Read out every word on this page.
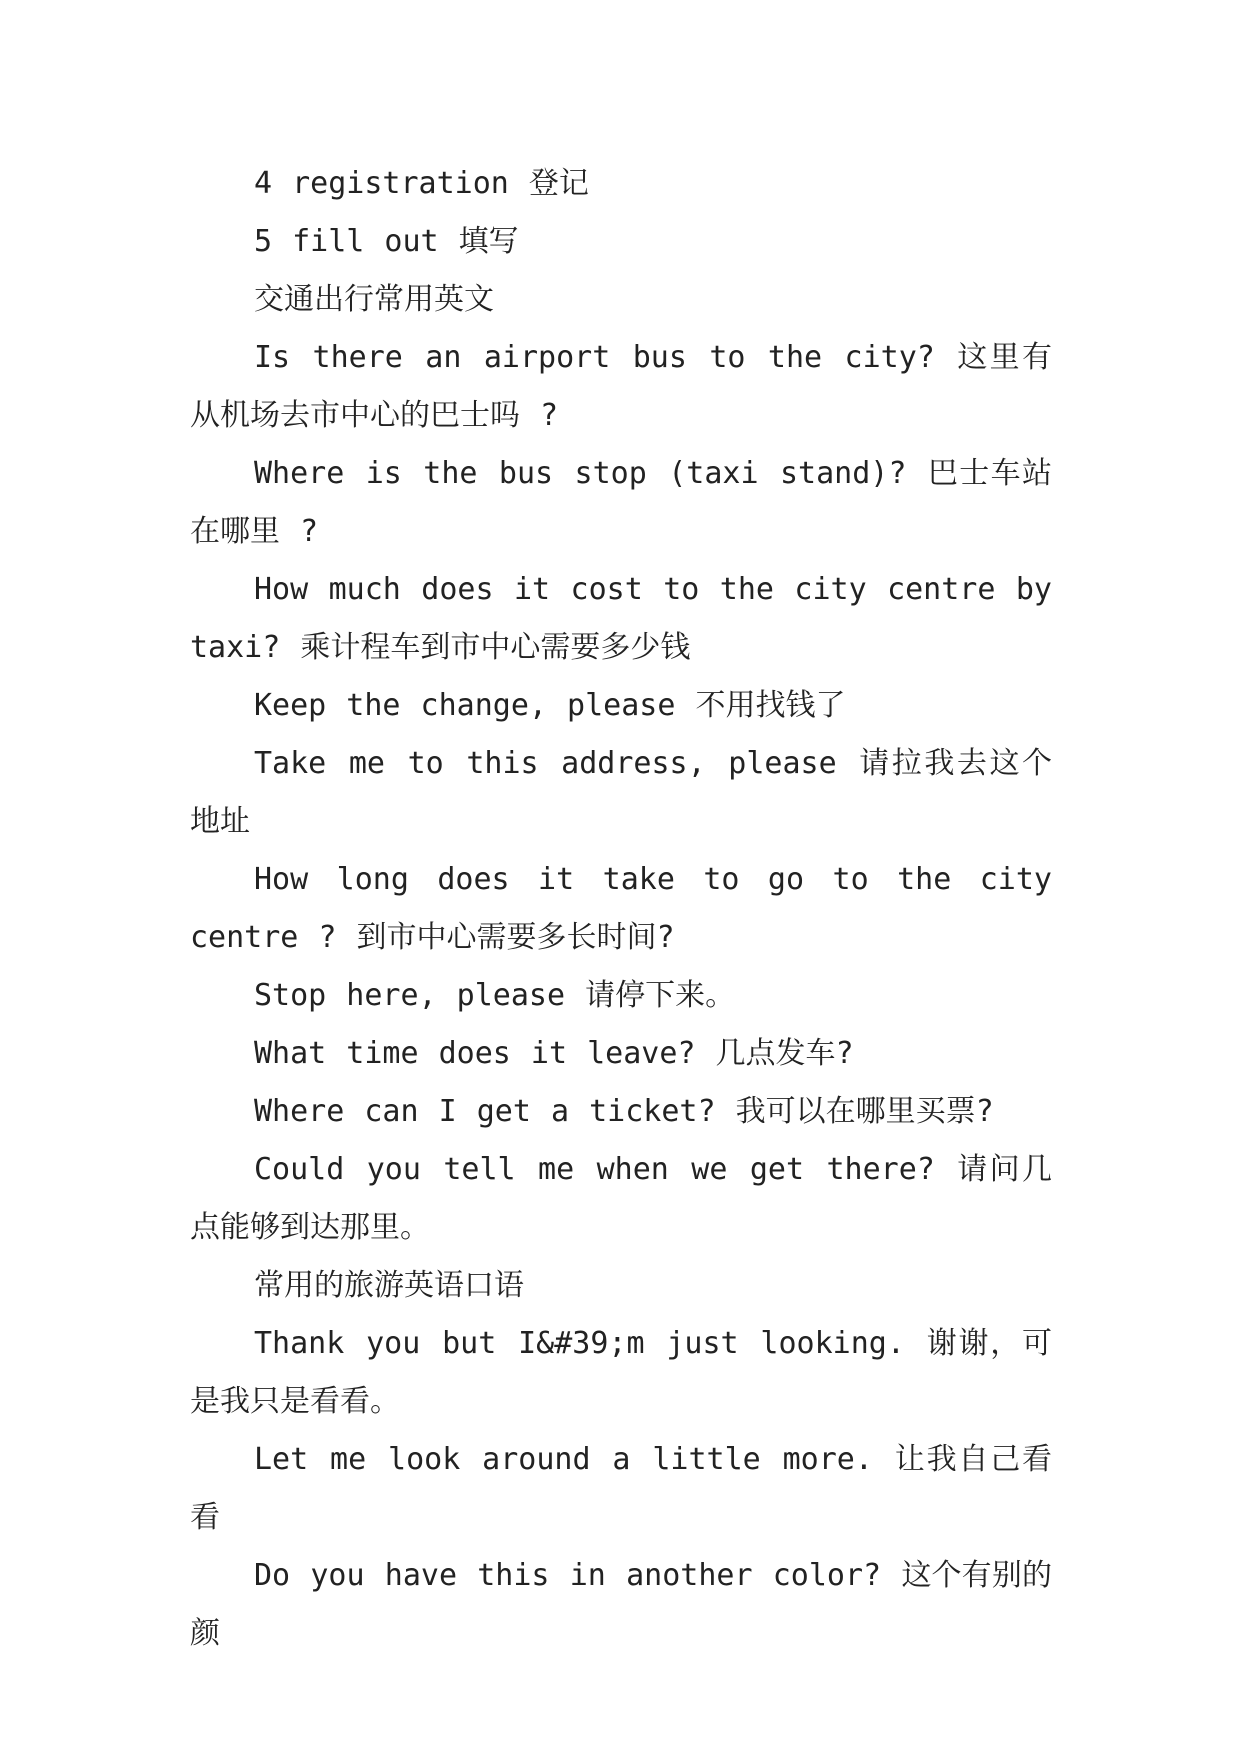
4 registration 登记

5 fill out 填写

交通出行常用英文

Is there an airport bus to the city? 这里有从机场去市中心的巴士吗 ?

Where is the bus stop (taxi stand)? 巴士车站在哪里 ?

How much does it cost to the city centre by taxi? 乘计程车到市中心需要多少钱

Keep the change, please 不用找钱了

Take me to this address, please 请拉我去这个地址

How long does it take to go to the city centre ? 到市中心需要多长时间?

Stop here, please 请停下来。

What time does it leave? 几点发车?

Where can I get a ticket? 我可以在哪里买票?

Could you tell me when we get there? 请问几点能够到达那里。

常用的旅游英语口语

Thank you but I&#39;m just looking. 谢谢，可是我只是看看。

Let me look around a little more. 让我自己看看

Do you have this in another color? 这个有别的颜
